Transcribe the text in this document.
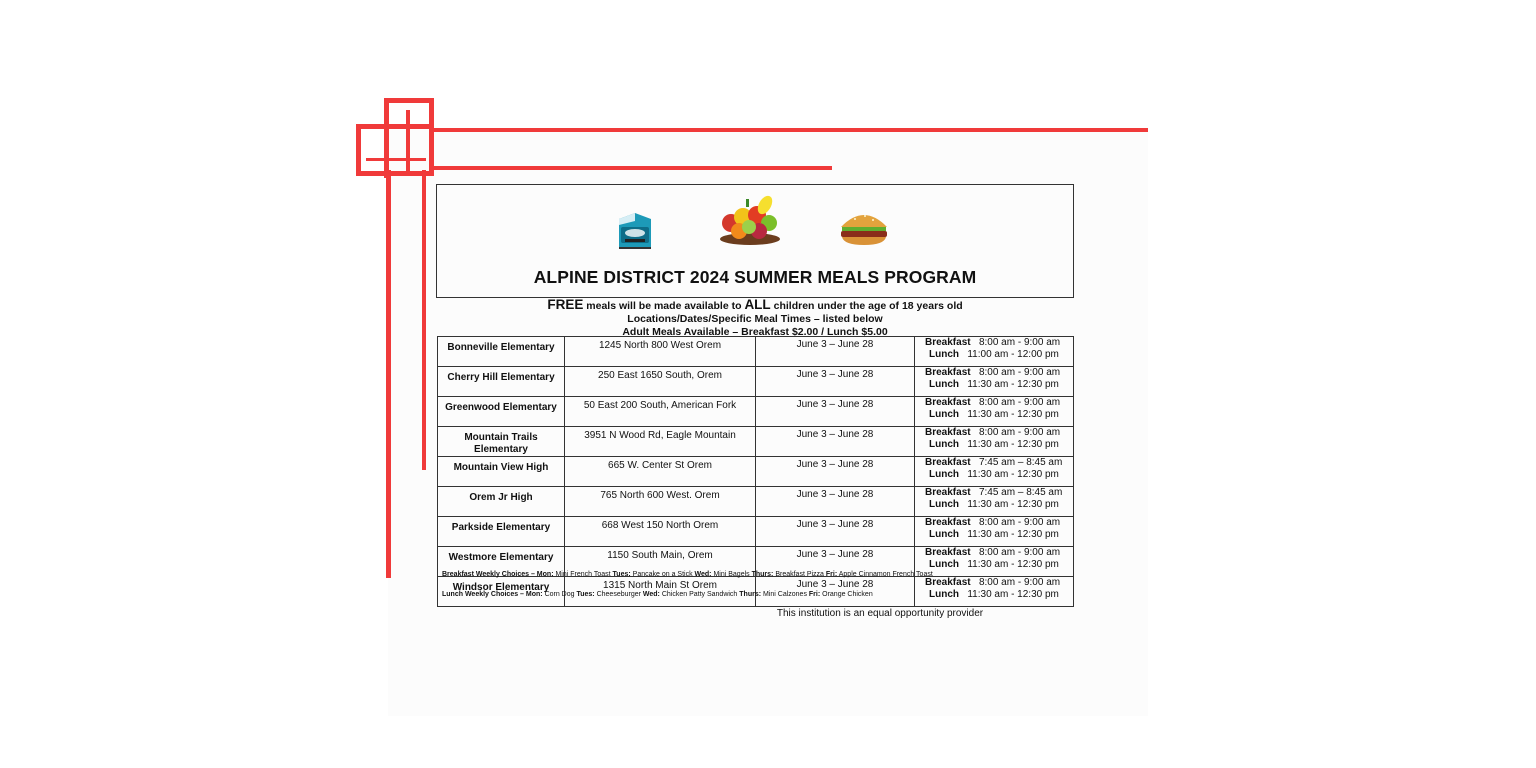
ALPINE DISTRICT 2024 SUMMER MEALS PROGRAM
FREE meals will be made available to ALL children under the age of 18 years old
Locations/Dates/Specific Meal Times – listed below
Adult Meals Available – Breakfast $2.00 / Lunch $5.00
Bonneville Elementary	1245 North 800 West Orem	June 3 – June 28	Breakfast 8:00 am - 9:00 am
Lunch 11:00 am - 12:00 pm

Cherry Hill Elementary	250 East 1650 South, Orem	June 3 – June 28	Breakfast 8:00 am - 9:00 am
Lunch 11:30 am - 12:30 pm

Greenwood Elementary	50 East 200 South, American Fork	June 3 – June 28	Breakfast 8:00 am - 9:00 am
Lunch 11:30 am - 12:30 pm

Mountain Trails Elementary	3951 N Wood Rd, Eagle Mountain	June 3 – June 28	Breakfast 8:00 am - 9:00 am
Lunch 11:30 am - 12:30 pm

Mountain View High	665 W. Center St Orem	June 3 – June 28	Breakfast 7:45 am – 8:45 am
Lunch 11:30 am - 12:30 pm

Orem Jr High	765 North 600 West. Orem	June 3 – June 28	Breakfast 7:45 am – 8:45 am
Lunch 11:30 am - 12:30 pm

Parkside Elementary	668 West 150 North Orem	June 3 – June 28	Breakfast 8:00 am - 9:00 am
Lunch 11:30 am - 12:30 pm

Westmore Elementary	1150 South Main, Orem	June 3 – June 28	Breakfast 8:00 am - 9:00 am
Lunch 11:30 am - 12:30 pm

Windsor Elementary	1315 North Main St Orem	June 3 – June 28	Breakfast 8:00 am - 9:00 am
Lunch 11:30 am - 12:30 pm
Breakfast Weekly Choices – Mon: Mini French Toast Tues: Pancake on a Stick Wed: Mini Bagels Thurs: Breakfast Pizza Fri: Apple Cinnamon French Toast
Lunch Weekly Choices – Mon: Corn Dog Tues: Cheeseburger Wed: Chicken Patty Sandwich Thurs: Mini Calzones Fri: Orange Chicken
This institution is an equal opportunity provider
